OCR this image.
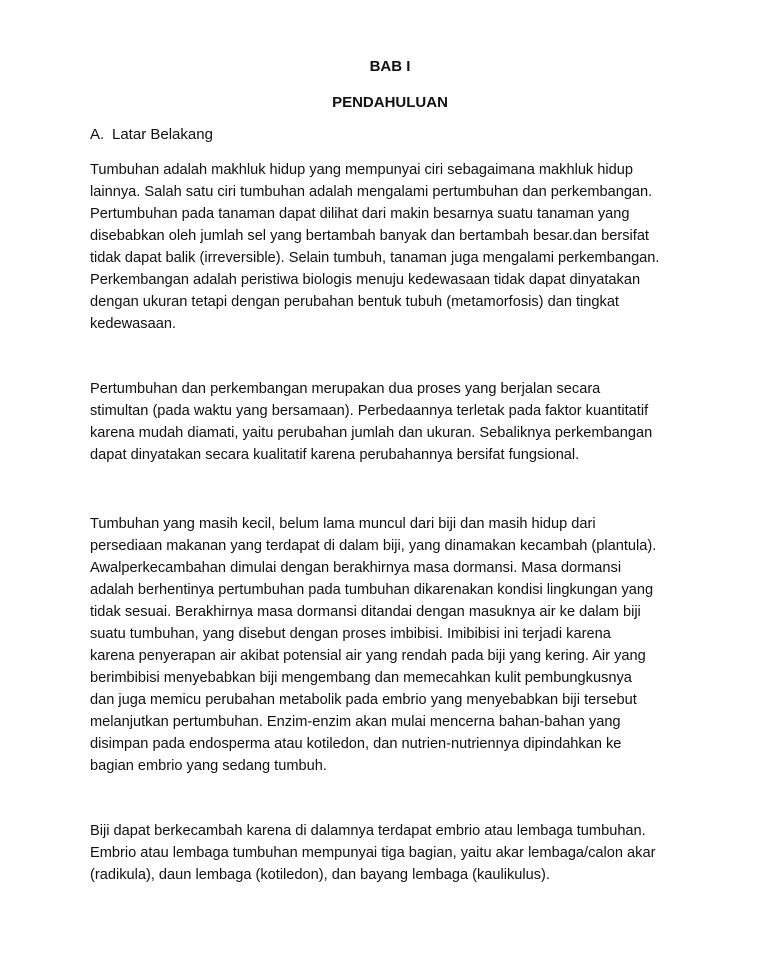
BAB I
PENDAHULUAN
A. Latar Belakang

Tumbuhan adalah makhluk hidup yang mempunyai ciri sebagaimana makhluk hidup
lainnya. Salah satu ciri tumbuhan adalah mengalami pertumbuhan dan perkembangan.
Pertumbuhan pada tanaman dapat dilihat dari makin besarnya suatu tanaman yang
disebabkan oleh jumlah sel yang bertambah banyak dan bertambah besar.dan bersifat
tidak dapat balik (irreversible). Selain tumbuh, tanaman juga mengalami perkembangan.
Perkembangan adalah peristiwa biologis menuju kedewasaan tidak dapat dinyatakan
dengan ukuran tetapi dengan perubahan bentuk tubuh (metamorfosis) dan tingkat
kedewasaan.

Pertumbuhan dan perkembangan merupakan dua proses yang berjalan secara
stimultan (pada waktu yang bersamaan). Perbedaannya terletak pada faktor kuantitatif
karena mudah diamati, yaitu perubahan jumlah dan ukuran. Sebaliknya perkembangan
dapat dinyatakan secara kualitatif karena perubahannya bersifat fungsional.

Tumbuhan yang masih kecil, belum lama muncul dari biji dan masih hidup dari
persediaan makanan yang terdapat di dalam biji, yang dinamakan kecambah (plantula).
Awalperkecambahan dimulai dengan berakhirnya masa dormansi. Masa dormansi
adalah berhentinya pertumbuhan pada tumbuhan dikarenakan kondisi lingkungan yang
tidak sesuai. Berakhirnya masa dormansi ditandai dengan masuknya air ke dalam biji
suatu tumbuhan, yang disebut dengan proses imbibisi. Imibibisi ini terjadi karena
karena penyerapan air akibat potensial air yang rendah pada biji yang kering. Air yang
berimbibisi menyebabkan biji mengembang dan memecahkan kulit pembungkusnya
dan juga memicu perubahan metabolik pada embrio yang menyebabkan biji tersebut
melanjutkan pertumbuhan. Enzim-enzim akan mulai mencerna bahan-bahan yang
disimpan pada endosperma atau kotiledon, dan nutrien-nutriennya dipindahkan ke
bagian embrio yang sedang tumbuh.

Biji dapat berkecambah karena di dalamnya terdapat embrio atau lembaga tumbuhan.
Embrio atau lembaga tumbuhan mempunyai tiga bagian, yaitu akar lembaga/calon akar
(radikula), daun lembaga (kotiledon), dan bayang lembaga (kaulikulus).
